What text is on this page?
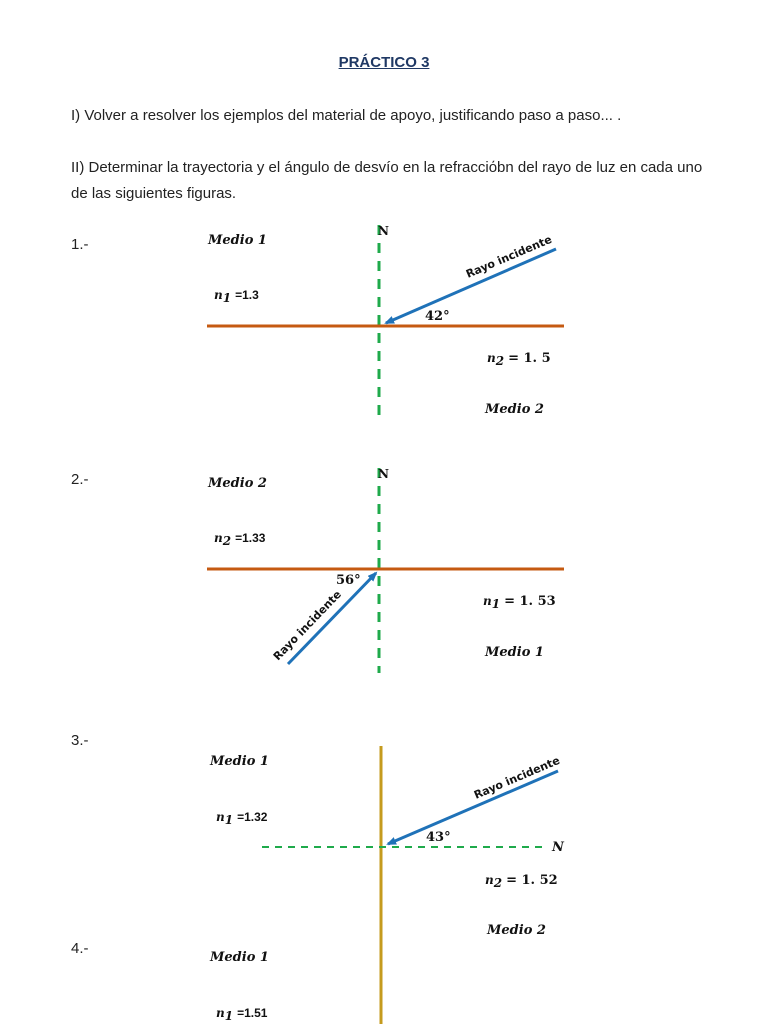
PRÁCTICO 3
I) Volver a resolver los ejemplos del material de apoyo, justificando paso a paso... .
II) Determinar la trayectoria y el ángulo de desvío en la refracciόbn del rayo de luz en cada uno de las siguientes figuras.
1.-
N
Medio 1
n1 =1.3
42°
Rayo incidente
n2 = 1. 5
Medio 2
2.-	N
Medio 2
n2 =1.33
56°
Rayo incidente	n1 = 1. 53
Medio 1
3.-
N
Medio 1
n1 =1.32
43°
Rayo incidente
n2 = 1. 52
Medio 2
4.-
Medio 1
n1 =1.51
